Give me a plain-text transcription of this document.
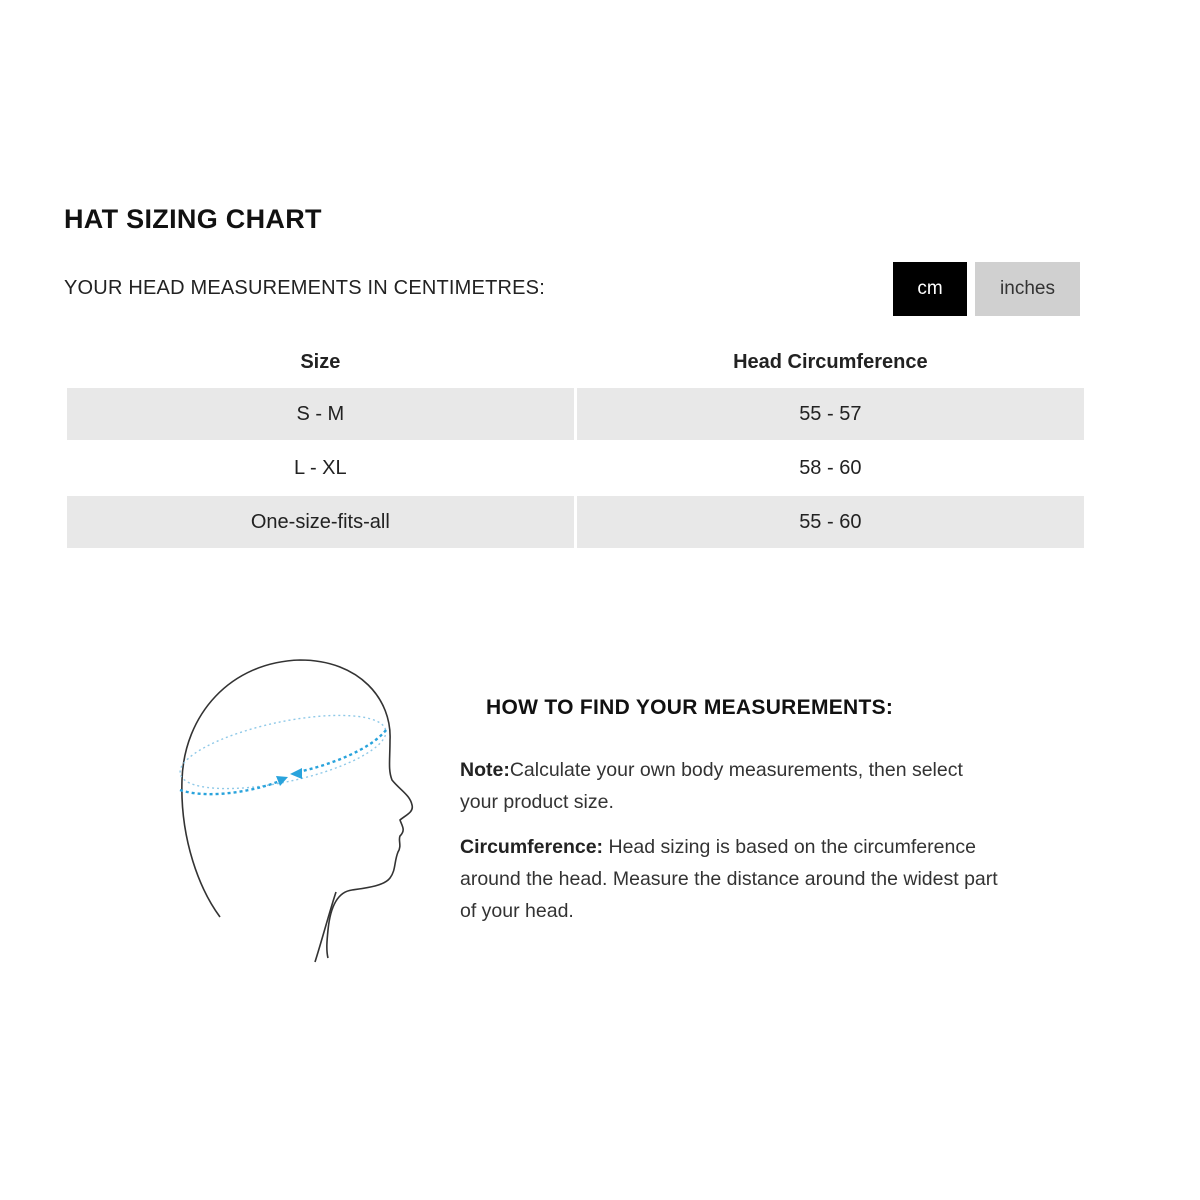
HAT SIZING CHART
YOUR HEAD MEASUREMENTS IN CENTIMETRES:	cm	inches
Size	Head Circumference
S - M	55 - 57
L - XL	58 - 60
One-size-fits-all	55 - 60
HOW TO FIND YOUR MEASUREMENTS:

Note:Calculate your own body measurements, then select your product size.

Circumference: Head sizing is based on the circumference around the head. Measure the distance around the widest part of your head.
